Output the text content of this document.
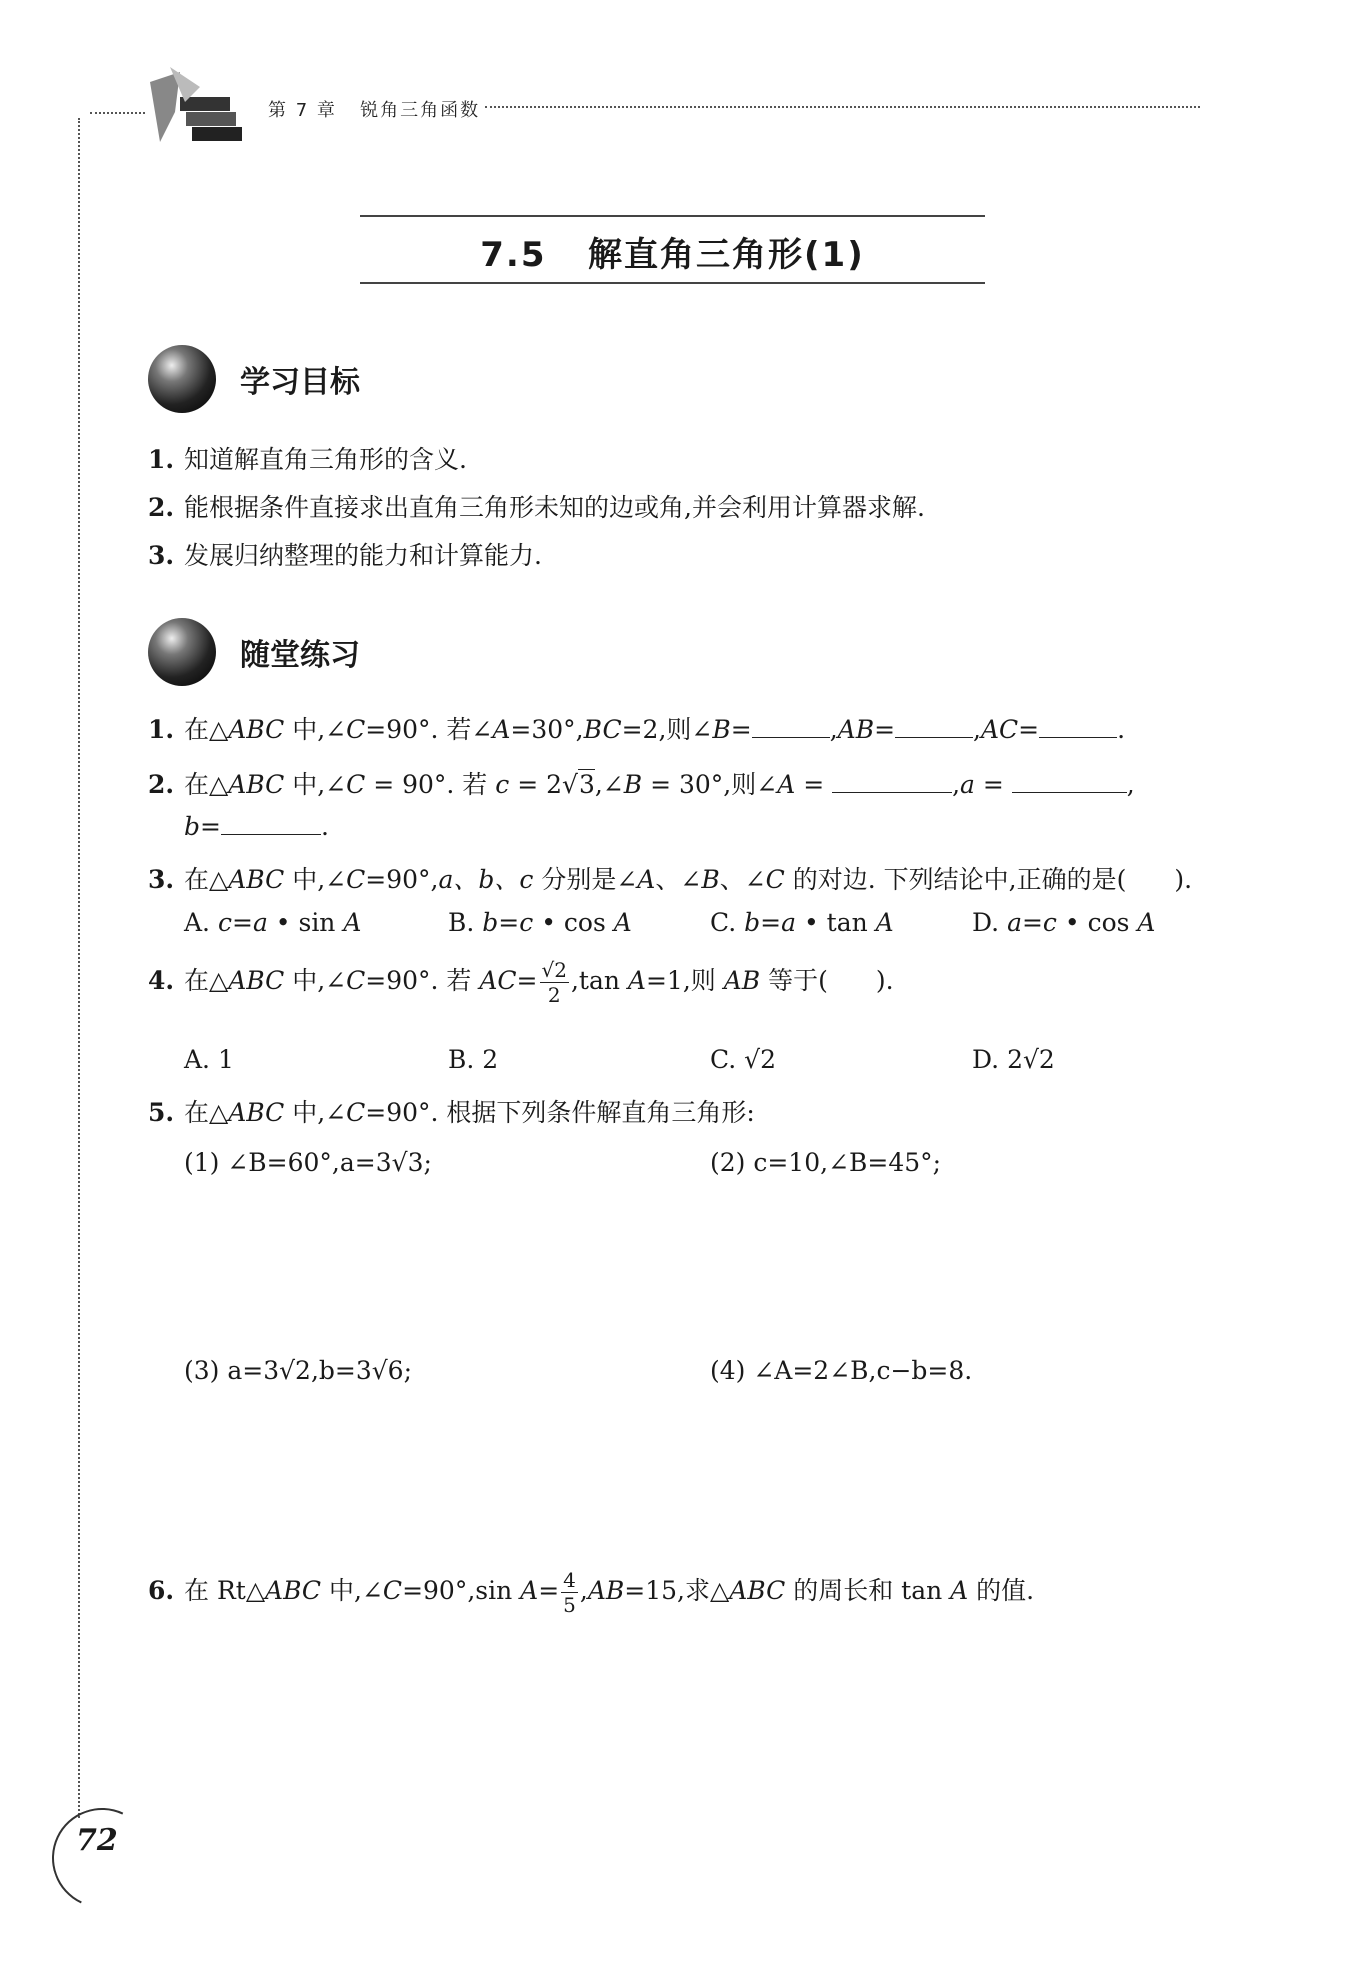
第 7 章 锐角三角函数
7.5 解直角三角形(1)
学习目标
1. 知道解直角三角形的含义.
2. 能根据条件直接求出直角三角形未知的边或角,并会利用计算器求解.
3. 发展归纳整理的能力和计算能力.
随堂练习
1. 在△ABC 中,∠C=90°. 若∠A=30°,BC=2,则∠B=	,AB=	,AC=	.
2. 在△ABC 中,∠C = 90°. 若 c = 2√3,∠B = 30°,则∠A =	,a =	,
b=	.
3. 在△ABC 中,∠C=90°,a、b、c 分别是∠A、∠B、∠C 的对边. 下列结论中,正确的是( ).
A. c=a • sin A	B. b=c • cos A	C. b=a • tan A	D. a=c • cos A
4. 在△ABC 中,∠C=90°. 若 $AC= \frac{√2}{2} ,\tan$ A=1,则 AB 等于( ).
A. 1	B. 2	C. √2	D. 2√2
5. 在△ABC 中,∠C=90°. 根据下列条件解直角三角形:
(1) ∠B=60°,a=3√3;	(2) c=10,∠B=45°;
(3) a=3√2,b=3√6;	(4) ∠A=2∠B,c−b=8.
6. 在 Rt△ABC 中,∠C=90°,sin $A= \frac{4}{5} ,AB=15$,求△ABC 的周长和 tan A 的值.
72
